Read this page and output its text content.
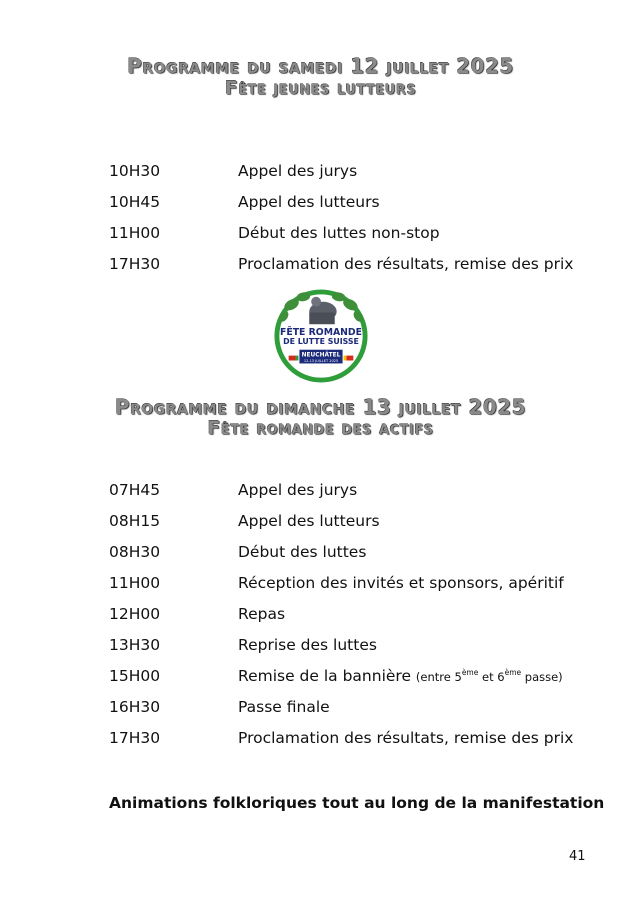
Programme du samedi 12 juillet 2025
Fête jeunes lutteurs
10H30	Appel des jurys
10H45	Appel des lutteurs
11H00	Début des luttes non-stop
17H30	Proclamation des résultats, remise des prix
FÊTE ROMANDE
DE LUTTE SUISSE
NEUCHÂTEL
12-13 JUILLET 2025
Programme du dimanche 13 juillet 2025
Fête romande des actifs
07H45	Appel des jurys
08H15	Appel des lutteurs
08H30	Début des luttes
11H00	Réception des invités et sponsors, apéritif
12H00	Repas
13H30	Reprise des luttes
15H00	Remise de la bannière (entre 5ème et 6ème passe)
16H30	Passe finale
17H30	Proclamation des résultats, remise des prix

Animations folkloriques tout au long de la manifestation

41
